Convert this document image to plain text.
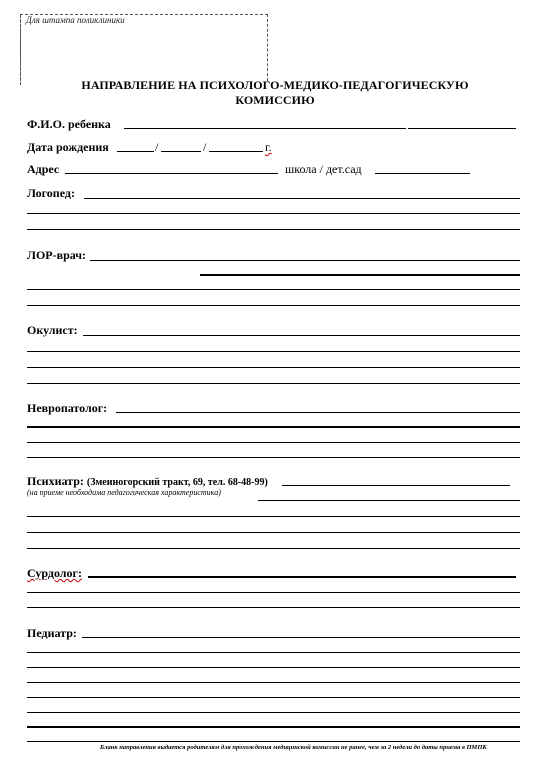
Для штампа поликлиники
НАПРАВЛЕНИЕ НА ПСИХОЛОГО-МЕДИКО-ПЕДАГОГИЧЕСКУЮ
КОМИССИЮ
Ф.И.О. ребенка
Дата рождения	/	/	г.
Адрес	школа / дет.сад
Логопед:
ЛОР-врач:
Окулист:
Невропатолог:
Психиатр: (Змеиногорский тракт, 69, тел. 68-48-99)
(на приеме необходима педагогическая характеристика)
Сурдолог:
Педиатр:
Бланк направления выдается родителям для прохождения медицинской комиссии не ранее, чем за 2 недели до даты приема в ПМПК
